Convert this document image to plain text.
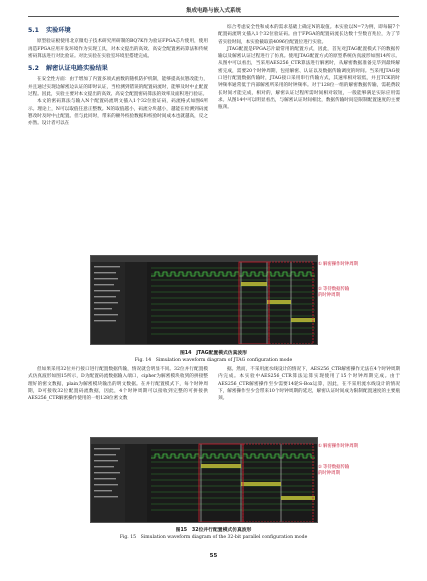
集成电路与嵌入式系统
5.1 实验环境

原型验证板使用北京微电子技术研究所研制的BQ7K作为验证FPGA芯片使用，使用再造FPGA应用开发环境作为实现工具，对本文提出的高效、高安全配置密码算法和传统密码算法进行对比验证。对比实验在实验室环境里搭建完成。

5.2 解密认证电路实验结果

在安全性方面：由于增加了内置多项式函数的随机防护机制，能够提高抗篡改能力，并且通过实现边解密边认证的即时认证，当检测到错误的配置码流时，能够及时中止配置过程。因此，实验主要对本文提出的高效、高安全配置密码算法的效率及面积进行验证。

本文的密码算法与输入N个配置码流明文插入1个32位验证码，码流格式如图6所示。理论上，N可以取值任意正整数。N的取值越小，码流分块越小，越能在检测到码流篡改时及时中止配置。但与此同时，带来的额外校验数据和校验时间成本也就越高，反之亦然。设计者可以在

综合考虑安全性和成本的需求基础上确定N的取值。本实验以N=7为例，即每隔7个配置码流明文插入1个32位验证码。由于FPGA的配置码流长达数十至数百兆位，为了节省实验时间，本实验截取前4096位配置位进行实验。

JTAG配置是FPGA芯片最常用的配置方式，因此，首先对JTAG配置模式下的数据传输以及解密认证过程进行了仿真。使用JTAG配置方式的原型系统仿真波形如图14所示。从图中可以看出，当采用AES256_CTR算法进行解密时，从解密数据准备完毕到最终解密完成，需要20个时钟周期，包括解密、认证以及数据传输调度的时间。当采用JTAG接口进行配置数据传输时，JTAG接口采用串行传输方式，其速率相对较低，并且TCK的时钟频率通常低于内部解密所采用的时钟频率。对于128位一组的解密数据传输，需耗费较长时间才能完成，相对的，解密认证过程所需时间相对较短，一般能够满足实际应用需求。从图14中可以明显看出，与解密认证时间相比，数据传输时间是限制配置速度的主要瓶颈。

①解密操作时钟周期
②等待数据传输的时钟周期
图14　JTAG配置模式仿真波形
Fig. 14　Simulation waveform diagram of JTAG configuration mode

但如果采用32位并行接口进行配置数据传输，情况就会明显不同。32位并行配置模式仿真波形如图15所示，D为配置码流数据输入端口，cipher为解密模块收到的拼接整理好的密文数据，plain为解密模块输出的明文数据。在并行配置模式下，每个时钟周期，D可接收32位配置码流数据，因此，4个时钟周期可以接收到完整的可拼接供AES256_CTR解密操作使用的一组128位密文数

据。然而，不采用流水线设计的情况下，AES256_CTR解密操作无法在4个时钟周期内完成。本实验中AES256_CTR算法运算实现使用了15个时钟周期完成。由于AES256_CTR解密操作至少需要14轮S-Box运算，因此，在不采用流水线设计的情况下，解密操作至少会带来10个时钟周期的延迟，解密认证时间成为限制配置速度的主要瓶颈。

①解密操作时钟周期
②等待数据传输的时钟周期
图15　32位并行配置模式仿真波形
Fig. 15　Simulation waveform diagram of the 32-bit parallel configuration mode
55
